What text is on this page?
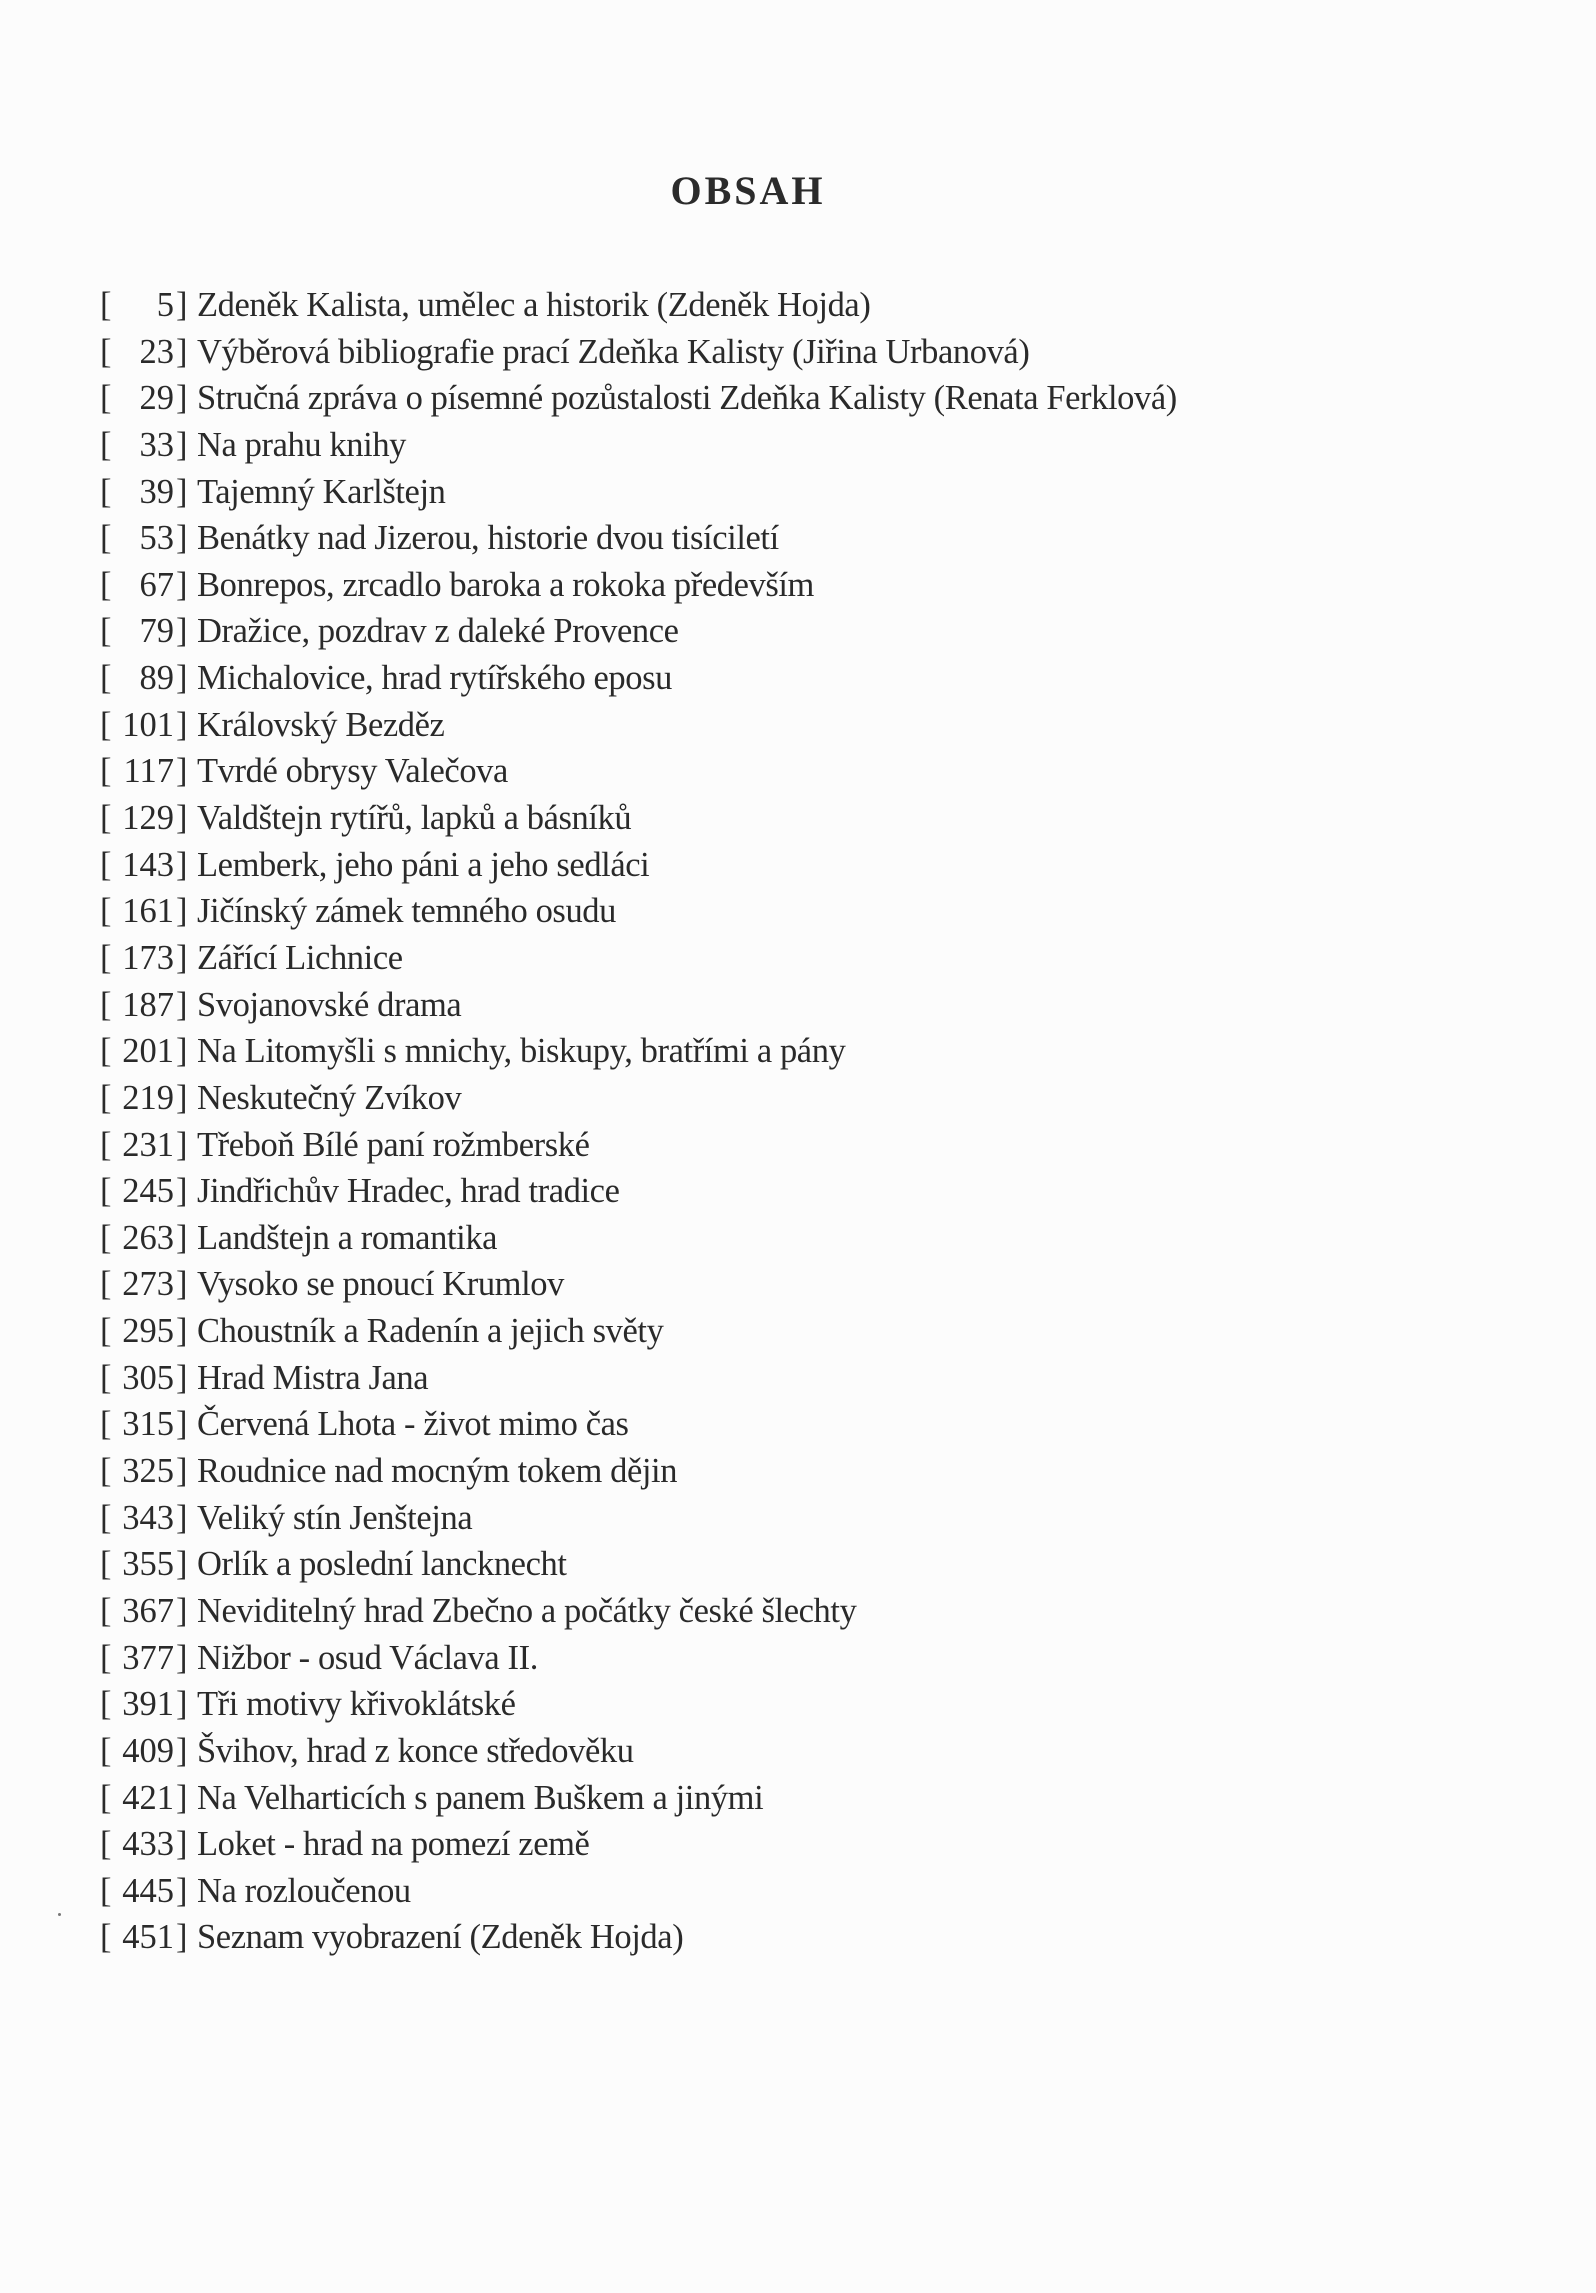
OBSAH
[	5 ] Zdeněk Kalista, umělec a historik (Zdeněk Hojda)
[ 23 ] Výběrová bibliografie prací Zdeňka Kalisty (Jiřina Urbanová)
[ 29 ] Stručná zpráva o písemné pozůstalosti Zdeňka Kalisty (Renata Ferklová)
[ 33 ] Na prahu knihy
[ 39 ] Tajemný Karlštejn
[ 53 ] Benátky nad Jizerou, historie dvou tisíciletí
[ 67 ] Bonrepos, zrcadlo baroka a rokoka především
[ 79 ] Dražice, pozdrav z daleké Provence
[ 89 ] Michalovice, hrad rytířského eposu
[ 101 ] Královský Bezděz
[ 117 ] Tvrdé obrysy Valečova
[ 129 ] Valdštejn rytířů, lapků a básníků
[ 143 ] Lemberk, jeho páni a jeho sedláci
[ 161 ] Jičínský zámek temného osudu
[ 173 ] Zářící Lichnice
[ 187 ] Svojanovské drama
[ 201 ] Na Litomyšli s mnichy, biskupy, bratřími a pány
[ 219 ] Neskutečný Zvíkov
[ 231 ] Třeboň Bílé paní rožmberské
[ 245 ] Jindřichův Hradec, hrad tradice
[ 263 ] Landštejn a romantika
[ 273 ] Vysoko se pnoucí Krumlov
[ 295 ] Choustník a Radenín a jejich světy
[ 305 ] Hrad Mistra Jana
[ 315 ] Červená Lhota - život mimo čas
[ 325 ] Roudnice nad mocným tokem dějin
[ 343 ] Veliký stín Jenštejna
[ 355 ] Orlík a poslední lancknecht
[ 367 ] Neviditelný hrad Zbečno a počátky české šlechty
[ 377 ] Nižbor - osud Václava II.
[ 391 ] Tři motivy křivoklátské
[ 409 ] Švihov, hrad z konce středověku
[ 421 ] Na Velharticích s panem Buškem a jinými
[ 433 ] Loket - hrad na pomezí země
[ 445 ] Na rozloučenou
[ 451 ] Seznam vyobrazení (Zdeněk Hojda)
